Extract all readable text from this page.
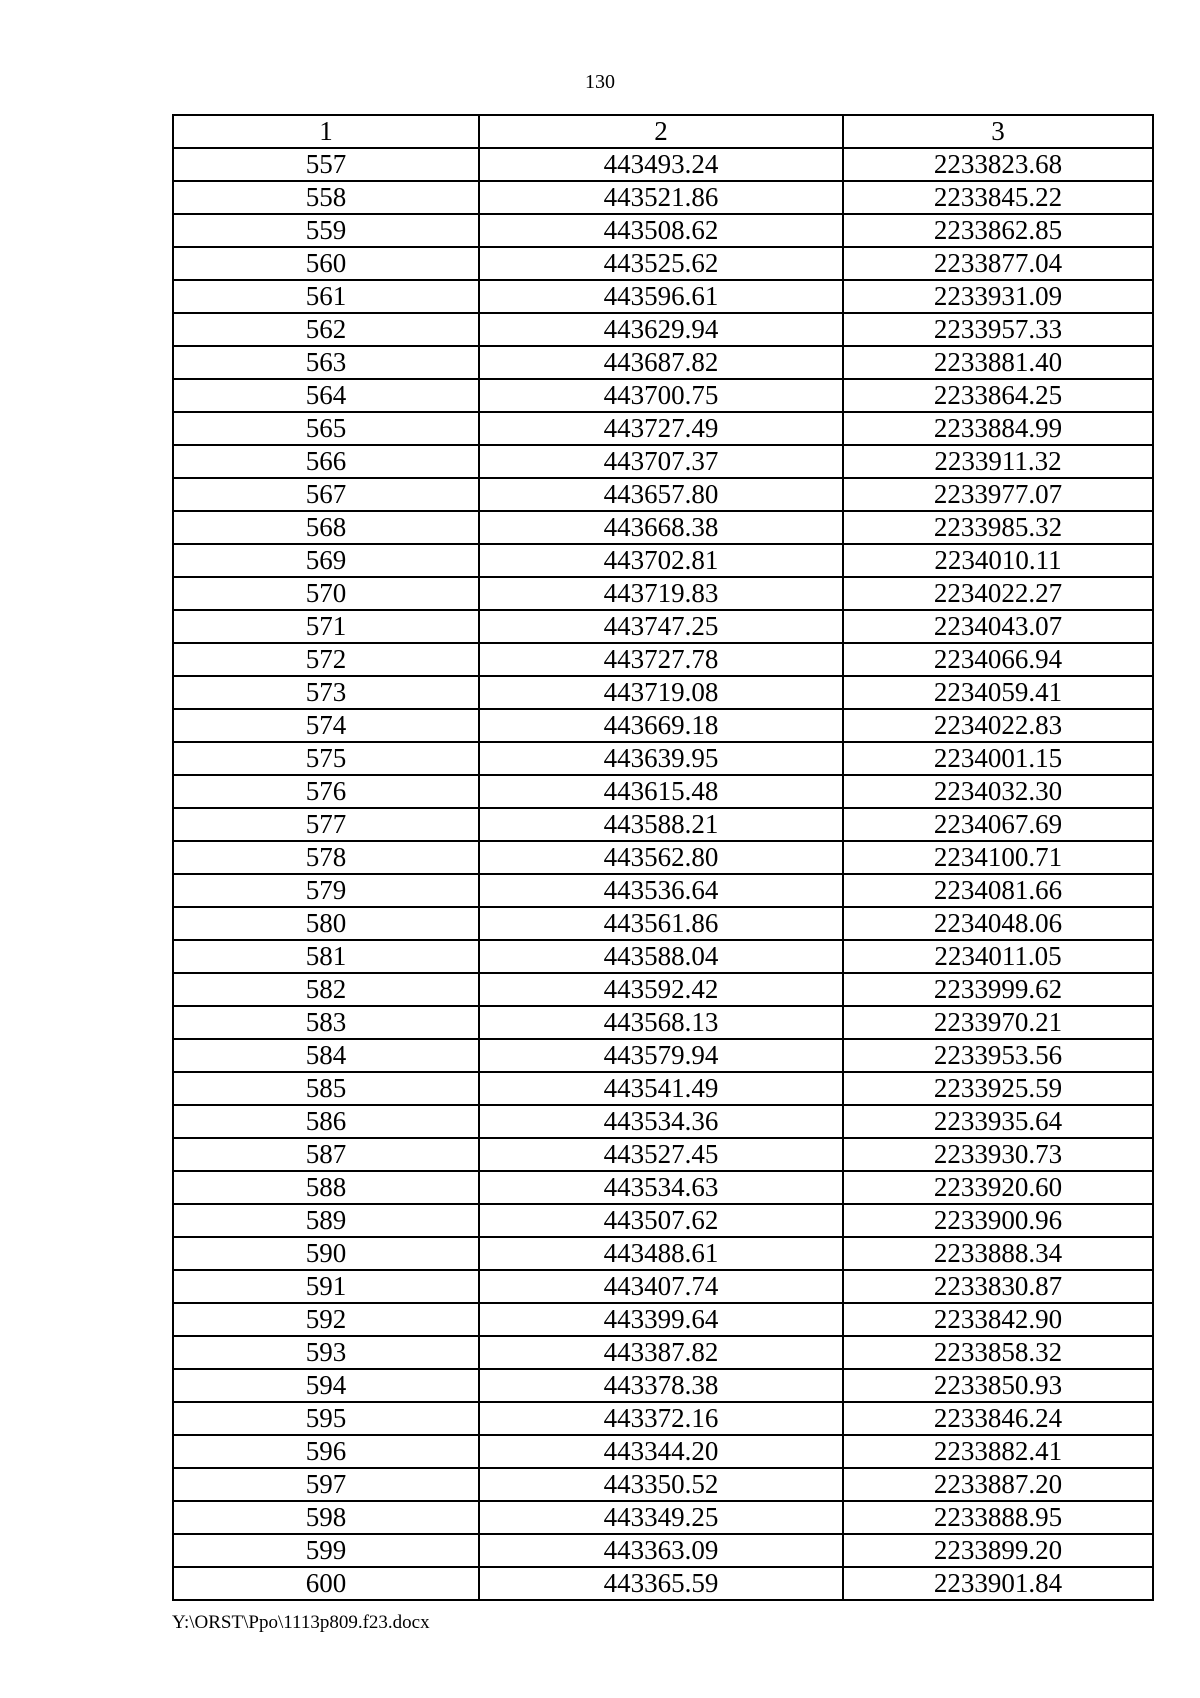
130
1	2	3
557	443493.24	2233823.68
558	443521.86	2233845.22
559	443508.62	2233862.85
560	443525.62	2233877.04
561	443596.61	2233931.09
562	443629.94	2233957.33
563	443687.82	2233881.40
564	443700.75	2233864.25
565	443727.49	2233884.99
566	443707.37	2233911.32
567	443657.80	2233977.07
568	443668.38	2233985.32
569	443702.81	2234010.11
570	443719.83	2234022.27
571	443747.25	2234043.07
572	443727.78	2234066.94
573	443719.08	2234059.41
574	443669.18	2234022.83
575	443639.95	2234001.15
576	443615.48	2234032.30
577	443588.21	2234067.69
578	443562.80	2234100.71
579	443536.64	2234081.66
580	443561.86	2234048.06
581	443588.04	2234011.05
582	443592.42	2233999.62
583	443568.13	2233970.21
584	443579.94	2233953.56
585	443541.49	2233925.59
586	443534.36	2233935.64
587	443527.45	2233930.73
588	443534.63	2233920.60
589	443507.62	2233900.96
590	443488.61	2233888.34
591	443407.74	2233830.87
592	443399.64	2233842.90
593	443387.82	2233858.32
594	443378.38	2233850.93
595	443372.16	2233846.24
596	443344.20	2233882.41
597	443350.52	2233887.20
598	443349.25	2233888.95
599	443363.09	2233899.20
600	443365.59	2233901.84
Y:\ORST\Ppo\1113p809.f23.docx
